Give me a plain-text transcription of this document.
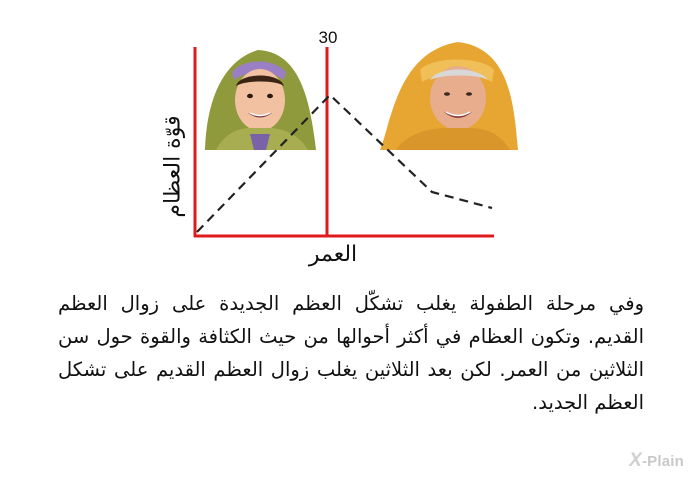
قوّة العظام
العمر
30
وفي مرحلة الطفولة يغلب تشكّل العظم الجديدة على زوال العظم القديم. وتكون العظام في أكثر أحوالها من حيث الكثافة والقوة حول سن الثلاثين من العمر. لكن بعد الثلاثين يغلب زوال العظم القديم على تشكل العظم الجديد.
X-Plain
